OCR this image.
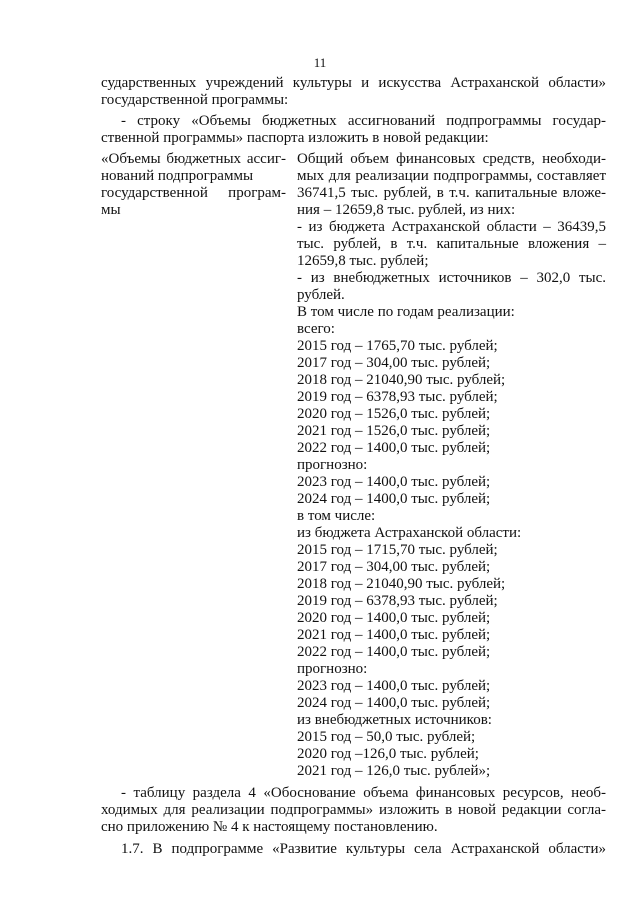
11
сударственных учреждений культуры и искусства Астраханской области»
государственной программы:
- строку «Объемы бюджетных ассигнований подпрограммы государ-
ственной программы» паспорта изложить в новой редакции:
«Объемы бюджетных ассиг-
нований подпрограммы
государственной програм-
мы
Общий объем финансовых средств, необходи-
мых для реализации подпрограммы, составляет
36741,5 тыс. рублей, в т.ч. капитальные вложе-
ния – 12659,8 тыс. рублей, из них:
- из бюджета Астраханской области – 36439,5
тыс. рублей, в т.ч. капитальные вложения –
12659,8 тыс. рублей;
- из внебюджетных источников – 302,0 тыс.
рублей.
В том числе по годам реализации:
всего:
2015 год – 1765,70 тыс. рублей;
2017 год – 304,00 тыс. рублей;
2018 год – 21040,90 тыс. рублей;
2019 год – 6378,93 тыс. рублей;
2020 год – 1526,0 тыс. рублей;
2021 год – 1526,0 тыс. рублей;
2022 год – 1400,0 тыс. рублей;
прогнозно:
2023 год – 1400,0 тыс. рублей;
2024 год – 1400,0 тыс. рублей;
в том числе:
из бюджета Астраханской области:
2015 год – 1715,70 тыс. рублей;
2017 год – 304,00 тыс. рублей;
2018 год – 21040,90 тыс. рублей;
2019 год – 6378,93 тыс. рублей;
2020 год – 1400,0 тыс. рублей;
2021 год – 1400,0 тыс. рублей;
2022 год – 1400,0 тыс. рублей;
прогнозно:
2023 год – 1400,0 тыс. рублей;
2024 год – 1400,0 тыс. рублей;
из внебюджетных источников:
2015 год – 50,0 тыс. рублей;
2020 год –126,0 тыс. рублей;
2021 год – 126,0 тыс. рублей»;
- таблицу раздела 4 «Обоснование объема финансовых ресурсов, необ-
ходимых для реализации подпрограммы» изложить в новой редакции согла-
сно приложению № 4 к настоящему постановлению.
1.7. В подпрограмме «Развитие культуры села Астраханской области»
